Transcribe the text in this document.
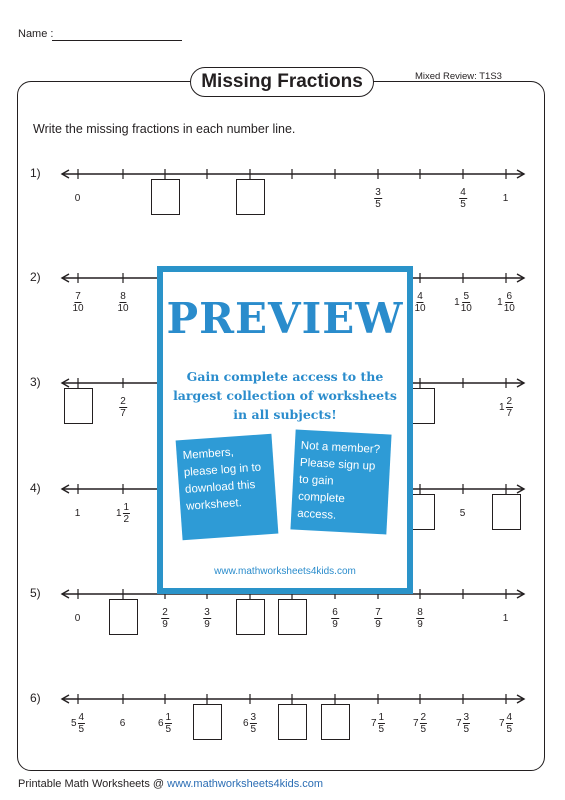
Name :
Missing Fractions	Mixed Review: T1S3
Write the missing fractions in each number line.
1)
0	$\frac{3}{5}$	$\frac{4}{5}$	1
2)
$\frac{7}{10}$	$\frac{8}{10}$	$\frac{4}{10}$	$1 \frac{5}{10}$	$1 \frac{6}{10}$
3)
$\frac{2}{7}$	$1 \frac{2}{7}$
4)
1	$1 \frac{1}{2}$	5
5)
0	$\frac{2}{9}$	$\frac{3}{9}$	$\frac{6}{9}$	$\frac{7}{9}$	$\frac{8}{9}$	1
6)
$5 \frac{4}{5}$	6	$6 \frac{1}{5}$	$6 \frac{3}{5}$	$7 \frac{1}{5}$	$7 \frac{2}{5}$	$7 \frac{3}{5}$	$7 \frac{4}{5}$
Printable Math Worksheets @ www.mathworksheets4kids.com
PREVIEW
Gain complete access to the largest collection of worksheets in all subjects!
Members, please log in to download this worksheet.
Not a member? Please sign up to gain complete access.
www.mathworksheets4kids.com
